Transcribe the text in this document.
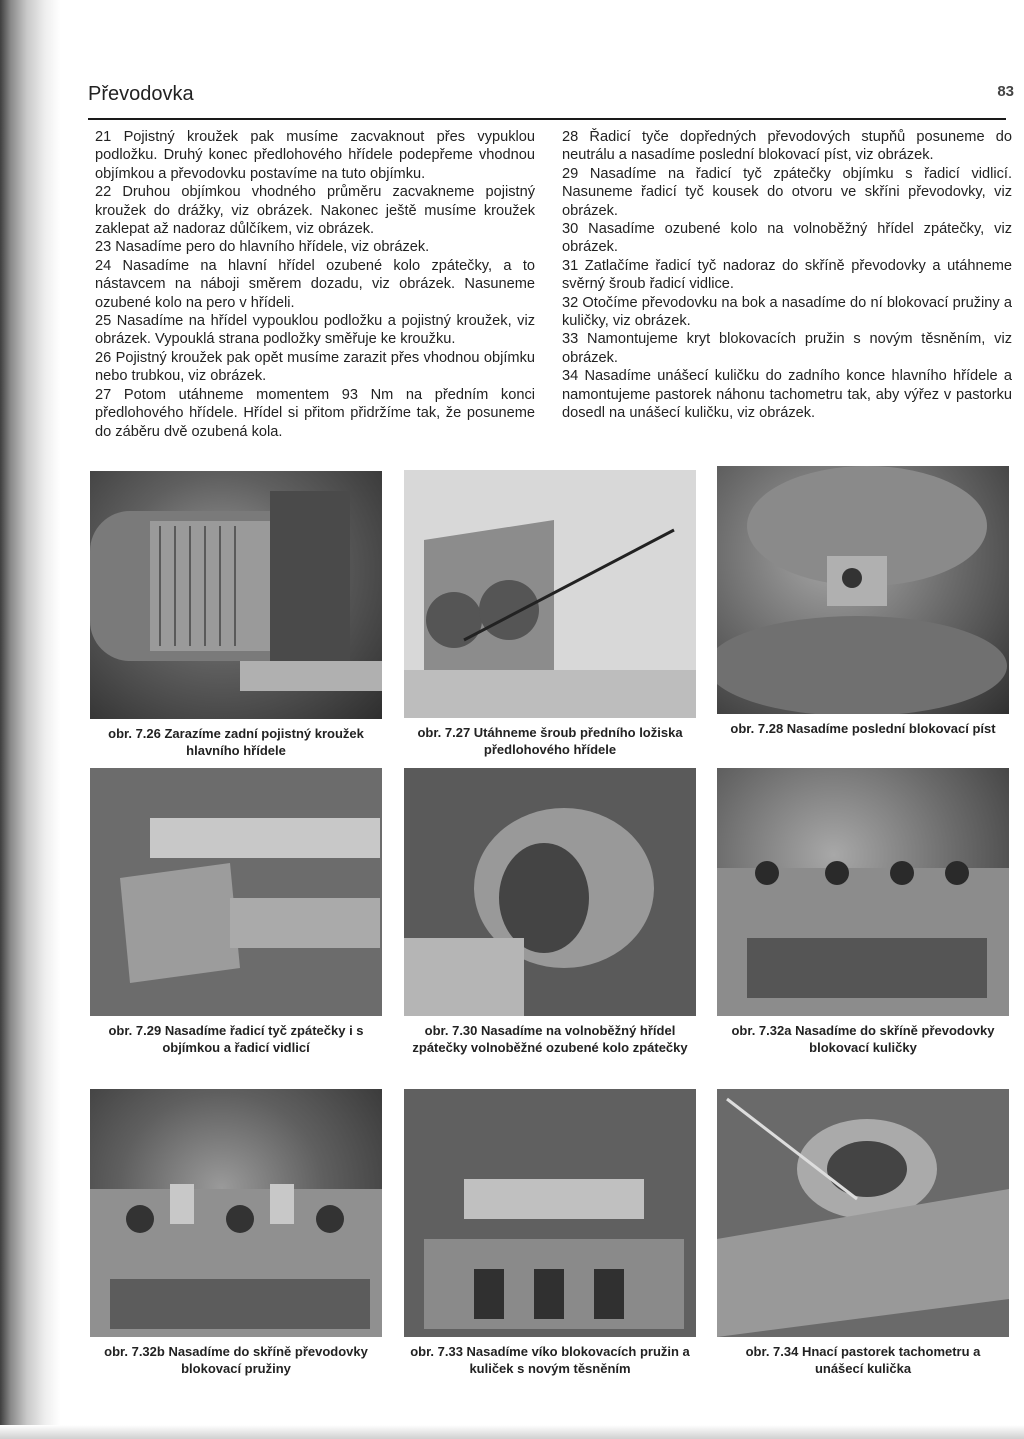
Převodovka	83

21 Pojistný kroužek pak musíme zacvaknout přes vypuklou podložku. Druhý konec předlohového hřídele podepřeme vhodnou objímkou a převodovku postavíme na tuto objímku.

22 Druhou objímkou vhodného průměru zacvakneme pojistný kroužek do drážky, viz obrázek. Nakonec ještě musíme kroužek zaklepat až nadoraz důlčíkem, viz obrázek.

23 Nasadíme pero do hlavního hřídele, viz obrázek.

24 Nasadíme na hlavní hřídel ozubené kolo zpátečky, a to nástavcem na náboji směrem dozadu, viz obrázek. Nasuneme ozubené kolo na pero v hřídeli.

25 Nasadíme na hřídel vypouklou podložku a pojistný kroužek, viz obrázek. Vypouklá strana podložky směřuje ke kroužku.

26 Pojistný kroužek pak opět musíme zarazit přes vhodnou objímku nebo trubkou, viz obrázek.

27 Potom utáhneme momentem 93 Nm na předním konci předlohového hřídele. Hřídel si přitom přidržíme tak, že posuneme do záběru dvě ozubená kola.

28 Řadicí tyče dopředných převodových stupňů posuneme do neutrálu a nasadíme poslední blokovací píst, viz obrázek.

29 Nasadíme na řadicí tyč zpátečky objímku s řadicí vidlicí. Nasuneme řadicí tyč kousek do otvoru ve skříni převodovky, viz obrázek.

30 Nasadíme ozubené kolo na volnoběžný hřídel zpátečky, viz obrázek.

31 Zatlačíme řadicí tyč nadoraz do skříně převodovky a utáhneme svěrný šroub řadicí vidlice.

32 Otočíme převodovku na bok a nasadíme do ní blokovací pružiny a kuličky, viz obrázek.

33 Namontujeme kryt blokovacích pružin s novým těsněním, viz obrázek.

34 Nasadíme unášecí kuličku do zadního konce hlavního hřídele a namontujeme pastorek náhonu tachometru tak, aby výřez v pastorku dosedl na unášecí kuličku, viz obrázek.

obr. 7.26 Zarazíme zadní pojistný kroužek hlavního hřídele
obr. 7.27 Utáhneme šroub předního ložiska předlohového hřídele
obr. 7.28 Nasadíme poslední blokovací píst
obr. 7.29 Nasadíme řadicí tyč zpátečky i s objímkou a řadicí vidlicí
obr. 7.30 Nasadíme na volnoběžný hřídel zpátečky volnoběžné ozubené kolo zpátečky
obr. 7.32a Nasadíme do skříně převodovky blokovací kuličky
obr. 7.32b Nasadíme do skříně převodovky blokovací pružiny
obr. 7.33 Nasadíme víko blokovacích pružin a kuliček s novým těsněním
obr. 7.34 Hnací pastorek tachometru a unášecí kulička
